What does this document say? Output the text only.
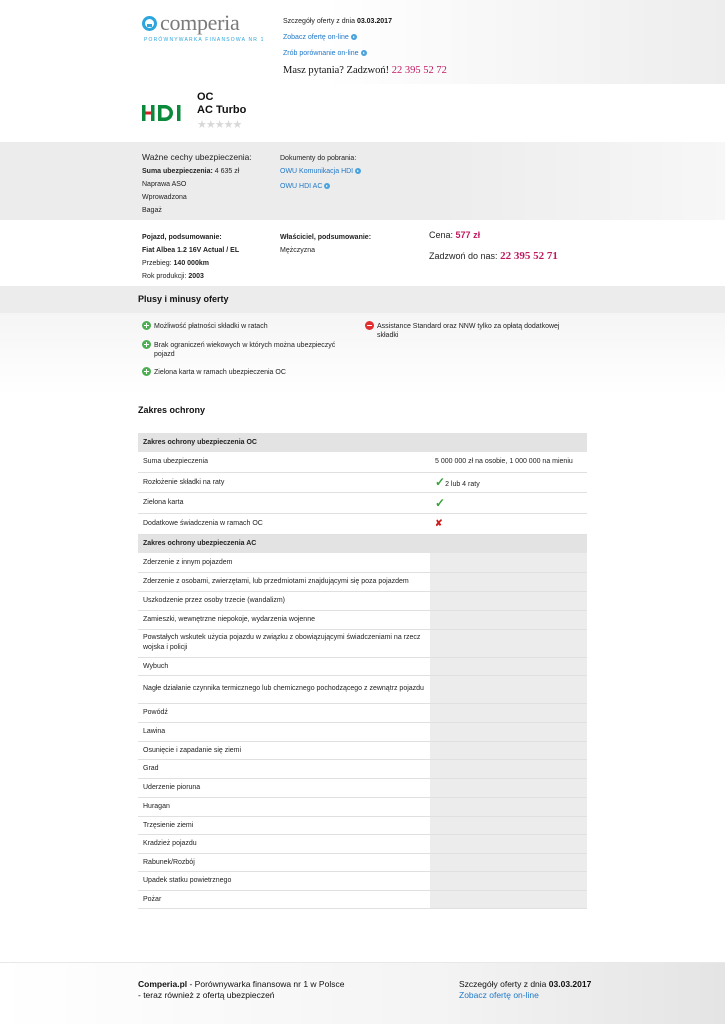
comperia
PORÓWNYWARKA FINANSOWA NR 1
Szczegóły oferty z dnia 03.03.2017
Zobacz ofertę on-line
Zrób porównanie on-line
Masz pytania? Zadzwoń! 22 395 52 72
OC
AC Turbo
★★★★★
Ważne cechy ubezpieczenia:
Suma ubezpieczenia: 4 635 zł
Naprawa ASO
Wprowadzona
Bagaż
Dokumenty do pobrania:
OWU Komunikacja HDI
OWU HDI AC
Pojazd, podsumowanie:
Fiat Albea 1.2 16V Actual / EL
Przebieg: 140 000km
Rok produkcji: 2003
Właściciel, podsumowanie:
Mężczyzna
Cena: 577 zł
Zadzwoń do nas: 22 395 52 71
Plusy i minusy oferty
Możliwość płatności składki w ratach
Brak ograniczeń wiekowych w których można ubezpieczyć pojazd
Zielona karta w ramach ubezpieczenia OC
Assistance Standard oraz NNW tylko za opłatą dodatkowej składki
Zakres ochrony
Zakres ochrony ubezpieczenia OC	
Suma ubezpieczenia	5 000 000 zł na osobie, 1 000 000 na mieniu
Rozłożenie składki na raty	✓2 lub 4 raty
Zielona karta	✓
Dodatkowe świadczenia w ramach OC	✘
Zakres ochrony ubezpieczenia AC	
Zderzenie z innym pojazdem	
Zderzenie z osobami, zwierzętami, lub przedmiotami znajdującymi się poza pojazdem	
Uszkodzenie przez osoby trzecie (wandalizm)	
Zamieszki, wewnętrzne niepokoje, wydarzenia wojenne	
Powstałych wskutek użycia pojazdu w związku z obowiązującymi świadczeniami na rzecz wojska i policji	
Wybuch	
Nagłe działanie czynnika termicznego lub chemicznego pochodzącego z zewnątrz pojazdu	
Powódź	
Lawina	
Osunięcie i zapadanie się ziemi	
Grad	
Uderzenie pioruna	
Huragan	
Trzęsienie ziemi	
Kradzież pojazdu	
Rabunek/Rozbój	
Upadek statku powietrznego	
Pożar	
Comperia.pl - Porównywarka finansowa nr 1 w Polsce
- teraz również z ofertą ubezpieczeń
Szczegóły oferty z dnia 03.03.2017
Zobacz ofertę on-line
